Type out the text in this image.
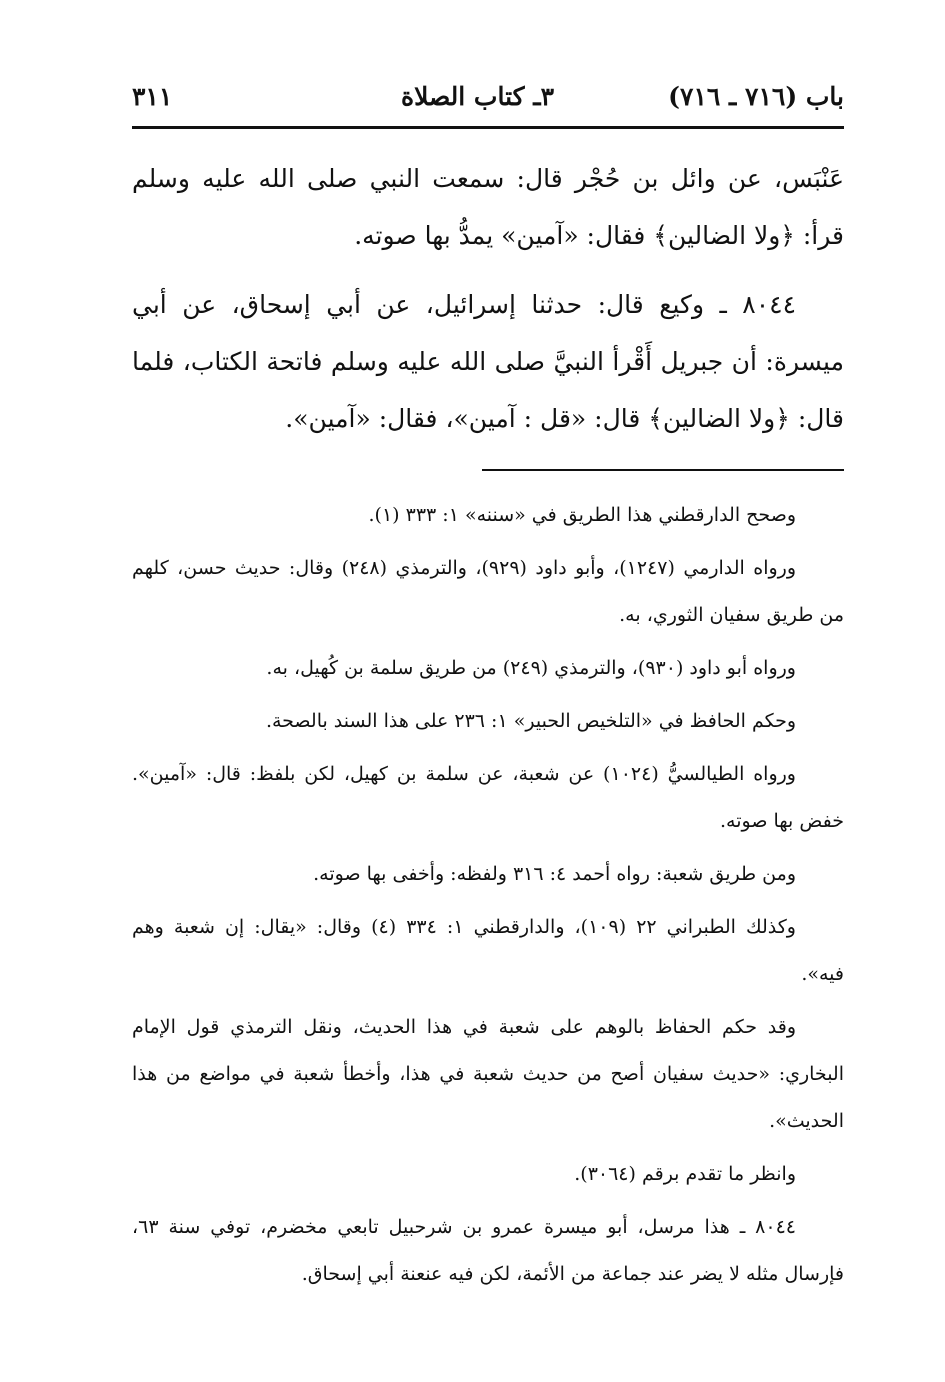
باب (٧١٦ ـ ٧١٦)
٣ـ كتاب الصلاة
٣١١

عَنْبَس، عن وائل بن حُجْر قال: سمعت النبي صلى الله عليه وسلم قرأ: ﴿ولا الضالين﴾ فقال: «آمين» يمدُّ بها صوته.

٨٠٤٤ ـ وكيع قال: حدثنا إسرائيل، عن أبي إسحاق، عن أبي ميسرة: أن جبريل أَقْرأ النبيَّ صلى الله عليه وسلم فاتحة الكتاب، فلما قال: ﴿ولا الضالين﴾ قال: «قل : آمين»، فقال: «آمين».

وصحح الدارقطني هذا الطريق في «سننه» ١: ٣٣٣ (١).

ورواه الدارمي (١٢٤٧)، وأبو داود (٩٢٩)، والترمذي (٢٤٨) وقال: حديث حسن، كلهم من طريق سفيان الثوري، به.

ورواه أبو داود (٩٣٠)، والترمذي (٢٤٩) من طريق سلمة بن كُهيل، به.

وحكم الحافظ في «التلخيص الحبير» ١: ٢٣٦ على هذا السند بالصحة.

ورواه الطيالسيُّ (١٠٢٤) عن شعبة، عن سلمة بن كهيل، لكن بلفظ: قال: «آمين». خفض بها صوته.

ومن طريق شعبة: رواه أحمد ٤: ٣١٦ ولفظه: وأخفى بها صوته.

وكذلك الطبراني ٢٢ (١٠٩)، والدارقطني ١: ٣٣٤ (٤) وقال: «يقال: إن شعبة وهم فيه».

وقد حكم الحفاظ بالوهم على شعبة في هذا الحديث، ونقل الترمذي قول الإمام البخاري: «حديث سفيان أصح من حديث شعبة في هذا، وأخطأ شعبة في مواضع من هذا الحديث».

وانظر ما تقدم برقم (٣٠٦٤).

٨٠٤٤ ـ هذا مرسل، أبو ميسرة عمرو بن شرحبيل تابعي مخضرم، توفي سنة ٦٣، فإرسال مثله لا يضر عند جماعة من الأئمة، لكن فيه عنعنة أبي إسحاق.
